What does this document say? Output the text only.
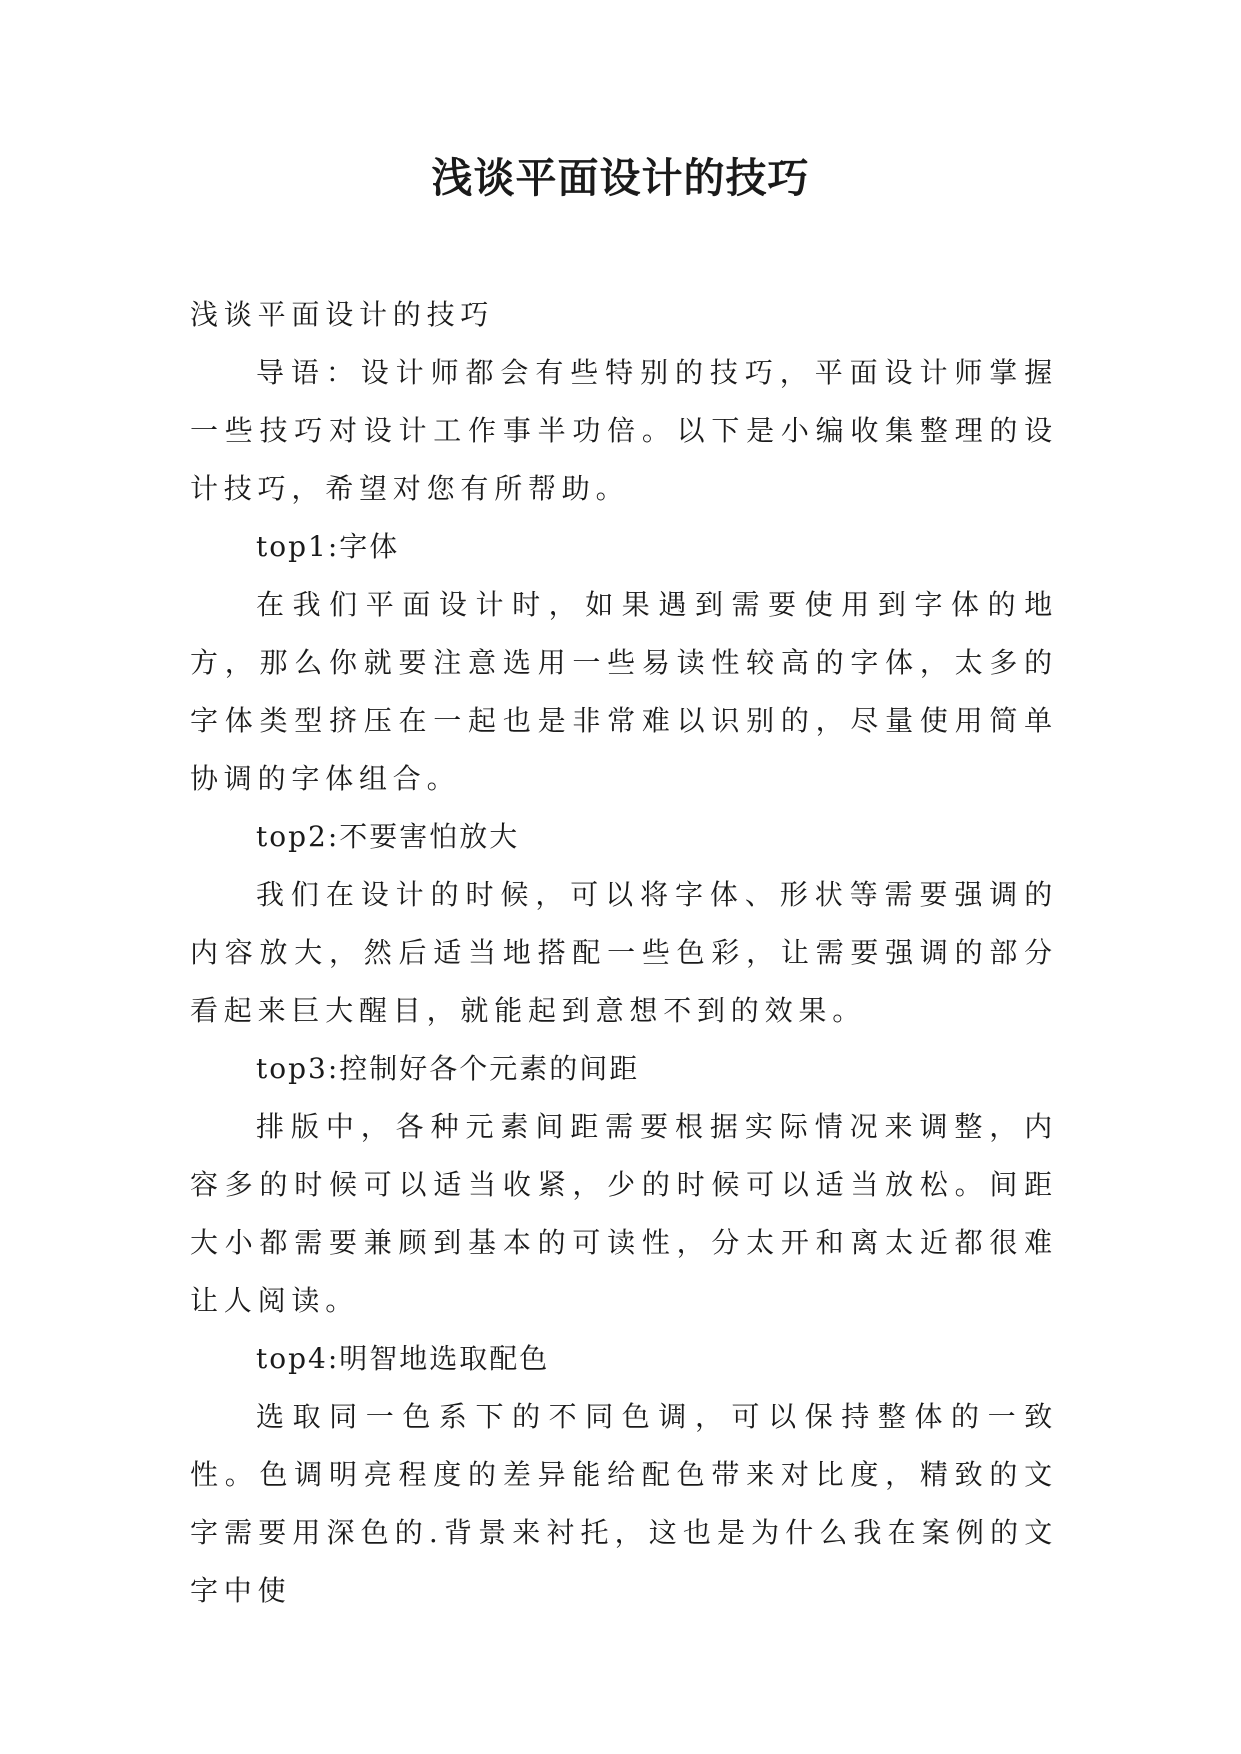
浅谈平面设计的技巧

浅谈平面设计的技巧

导语：设计师都会有些特别的技巧，平面设计师掌握一些技巧对设计工作事半功倍。以下是小编收集整理的设计技巧，希望对您有所帮助。

top1:字体

在我们平面设计时，如果遇到需要使用到字体的地方，那么你就要注意选用一些易读性较高的字体，太多的字体类型挤压在一起也是非常难以识别的，尽量使用简单协调的字体组合。

top2:不要害怕放大

我们在设计的时候，可以将字体、形状等需要强调的内容放大，然后适当地搭配一些色彩，让需要强调的部分看起来巨大醒目，就能起到意想不到的效果。

top3:控制好各个元素的间距

排版中，各种元素间距需要根据实际情况来调整，内容多的时候可以适当收紧，少的时候可以适当放松。间距大小都需要兼顾到基本的可读性，分太开和离太近都很难让人阅读。

top4:明智地选取配色

选取同一色系下的不同色调，可以保持整体的一致性。色调明亮程度的差异能给配色带来对比度，精致的文字需要用深色的.背景来衬托，这也是为什么我在案例的文字中使
